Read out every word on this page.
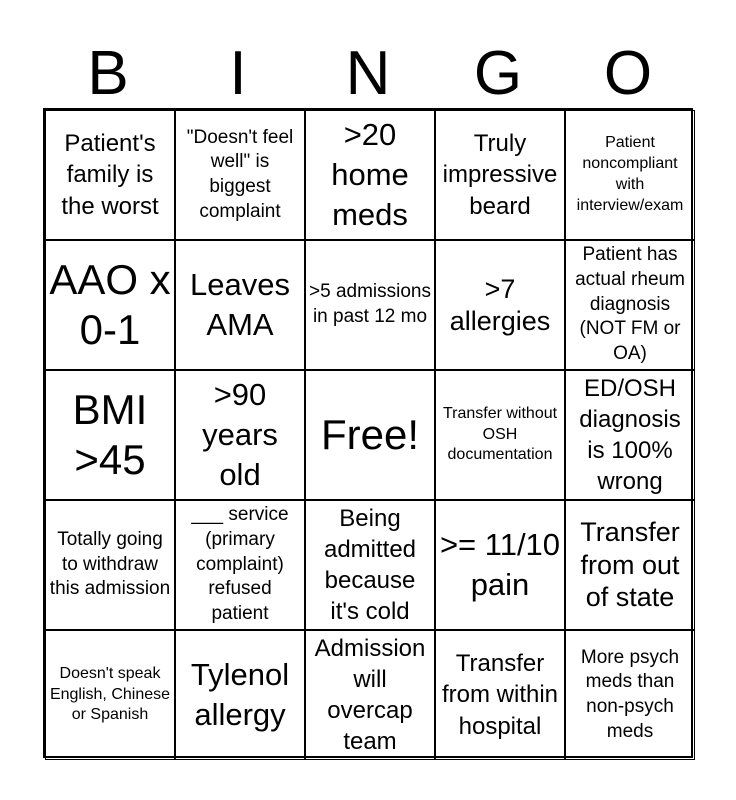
B	I	N	G	O
Patient's family is the worst
"Doesn't feel well" is biggest complaint
>20 home meds
Truly impressive beard
Patient noncompliant with interview/exam
AAO x 0-1
Leaves AMA
>5 admissions in past 12 mo
>7 allergies
Patient has actual rheum diagnosis (NOT FM or OA)
BMI >45
>90 years old
Free!	Transfer without OSH documentation
ED/OSH diagnosis is 100% wrong
Totally going to withdraw this admission
___ service (primary complaint) refused patient
Being admitted because it's cold
>= 11/10 pain
Transfer from out of state
Doesn't speak English, Chinese or Spanish
Tylenol allergy
Admission will overcap team
Transfer from within hospital
More psych meds than non-psych meds
